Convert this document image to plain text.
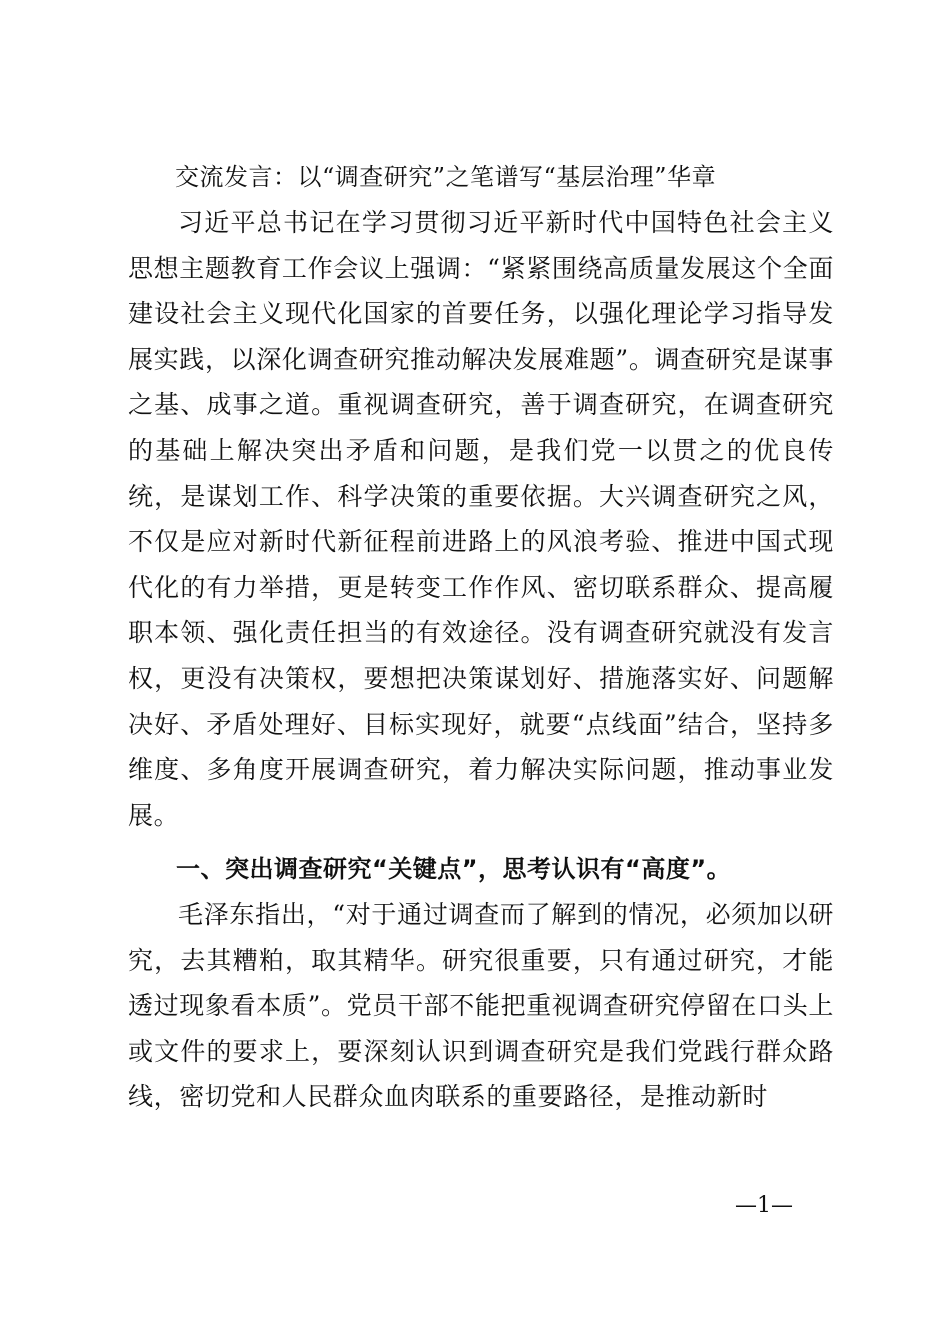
交流发言：以“调查研究”之笔谱写“基层治理”华章

习近平总书记在学习贯彻习近平新时代中国特色社会主义思想主题教育工作会议上强调：“紧紧围绕高质量发展这个全面建设社会主义现代化国家的首要任务，以强化理论学习指导发展实践，以深化调查研究推动解决发展难题”。调查研究是谋事之基、成事之道。重视调查研究，善于调查研究，在调查研究的基础上解决突出矛盾和问题，是我们党一以贯之的优良传统，是谋划工作、科学决策的重要依据。大兴调查研究之风，不仅是应对新时代新征程前进路上的风浪考验、推进中国式现代化的有力举措，更是转变工作作风、密切联系群众、提高履职本领、强化责任担当的有效途径。没有调查研究就没有发言权，更没有决策权，要想把决策谋划好、措施落实好、问题解决好、矛盾处理好、目标实现好，就要“点线面”结合，坚持多维度、多角度开展调查研究，着力解决实际问题，推动事业发展。

一、突出调查研究“关键点”，思考认识有“高度”。

毛泽东指出，“对于通过调查而了解到的情况，必须加以研究，去其糟粕，取其精华。研究很重要，只有通过研究，才能透过现象看本质”。党员干部不能把重视调查研究停留在口头上或文件的要求上，要深刻认识到调查研究是我们党践行群众路线，密切党和人民群众血肉联系的重要路径，是推动新时

—1—
